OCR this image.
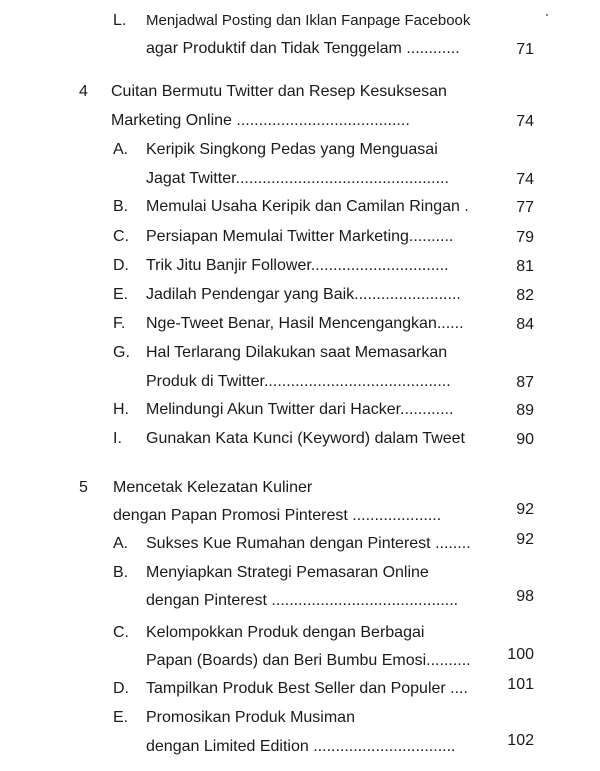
L. Menjadwal Posting dan Iklan Fanpage Facebook
agar Produktif dan Tidak Tenggelam ............	71
4 Cuitan Bermutu Twitter dan Resep Kesuksesan
Marketing Online .......................................	74
A. Keripik Singkong Pedas yang Menguasai
Jagat Twitter................................................	74
B. Memulai Usaha Keripik dan Camilan Ringan .	77
C. Persiapan Memulai Twitter Marketing..........	79
D. Trik Jitu Banjir Follower...............................	81
E. Jadilah Pendengar yang Baik........................	82
F. Nge-Tweet Benar, Hasil Mencengangkan......	84
G. Hal Terlarang Dilakukan saat Memasarkan
Produk di Twitter..........................................	87
H. Melindungi Akun Twitter dari Hacker............	89
I. Gunakan Kata Kunci (Keyword) dalam Tweet	90
5 Mencetak Kelezatan Kuliner
dengan Papan Promosi Pinterest ....................	92
A. Sukses Kue Rumahan dengan Pinterest ........	92
B. Menyiapkan Strategi Pemasaran Online
dengan Pinterest ..........................................	98
C. Kelompokkan Produk dengan Berbagai
Papan (Boards) dan Beri Bumbu Emosi..........	100
D. Tampilkan Produk Best Seller dan Populer ....	101
E. Promosikan Produk Musiman
dengan Limited Edition ................................	102
